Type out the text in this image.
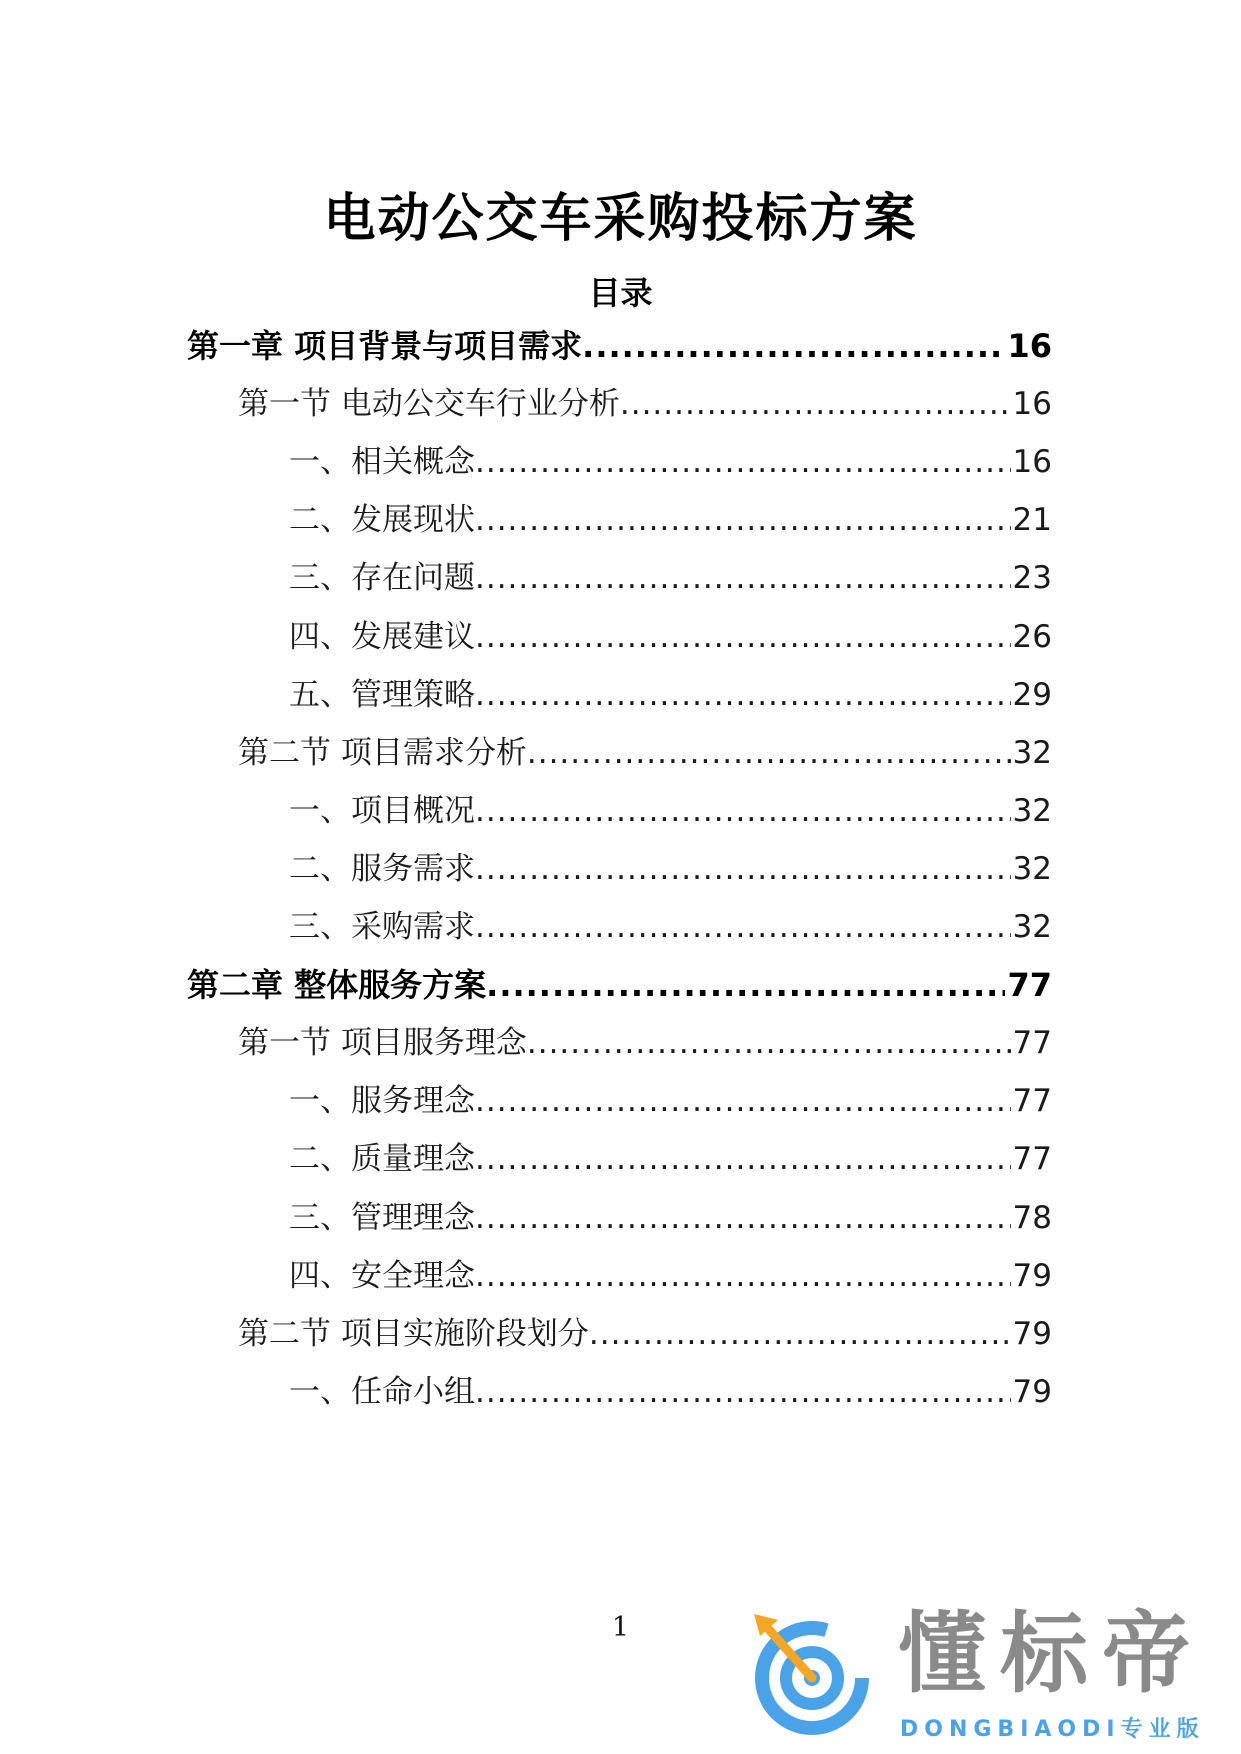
电动公交车采购投标方案
目录
第一章 项目背景与项目需求 .....	16
第一节 电动公交车行业分析 .....	16
一、相关概念 .....	16
二、发展现状 .....	21
三、存在问题 .....	23
四、发展建议 .....	26
五、管理策略 .....	29
第二节 项目需求分析 .....	32
一、项目概况 .....	32
二、服务需求 .....	32
三、采购需求 .....	32
第二章 整体服务方案 .....	77
第一节 项目服务理念 .....	77
一、服务理念 .....	77
二、质量理念 .....	77
三、管理理念 .....	78
四、安全理念 .....	79
第二节 项目实施阶段划分 .....	79
一、任命小组 .....	79
1	懂标帝
DONGBIAODI专业版
